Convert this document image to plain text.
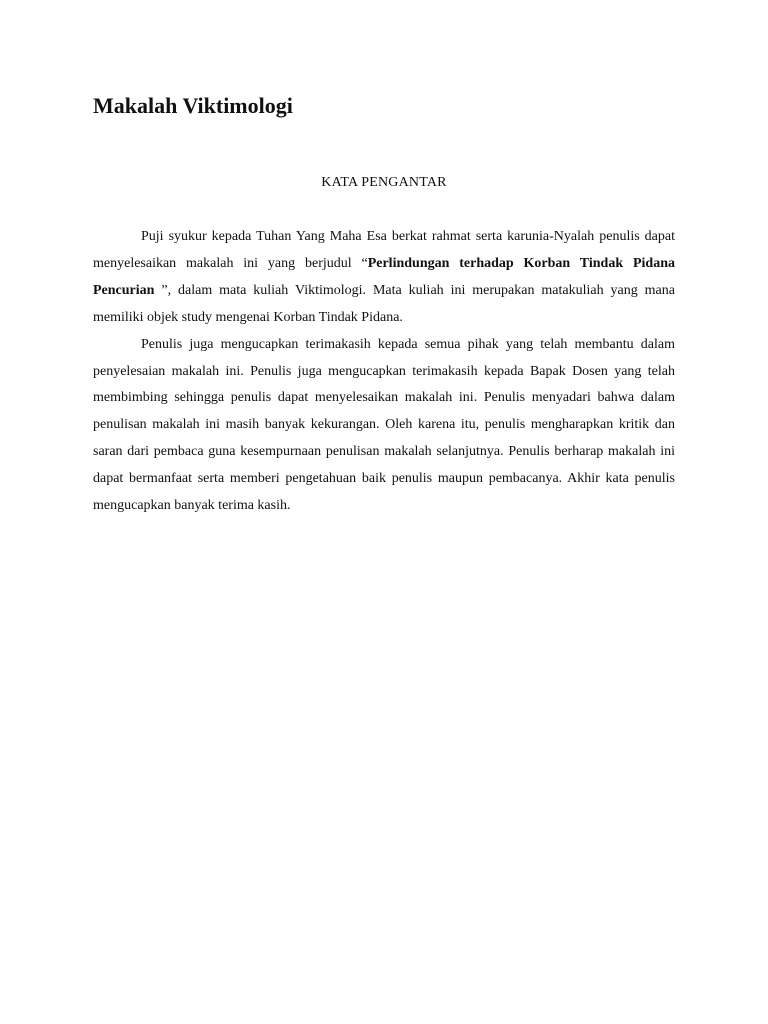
Makalah Viktimologi
KATA PENGANTAR

Puji syukur kepada Tuhan Yang Maha Esa berkat rahmat serta karunia-Nyalah penulis dapat menyelesaikan makalah ini yang berjudul “Perlindungan terhadap Korban Tindak Pidana Pencurian ”, dalam mata kuliah Viktimologi. Mata kuliah ini merupakan matakuliah yang mana memiliki objek study mengenai Korban Tindak Pidana.

Penulis juga mengucapkan terimakasih kepada semua pihak yang telah membantu dalam penyelesaian makalah ini. Penulis juga mengucapkan terimakasih kepada Bapak Dosen yang telah membimbing sehingga penulis dapat menyelesaikan makalah ini. Penulis menyadari bahwa dalam penulisan makalah ini masih banyak kekurangan. Oleh karena itu, penulis mengharapkan kritik dan saran dari pembaca guna kesempurnaan penulisan makalah selanjutnya. Penulis berharap makalah ini dapat bermanfaat serta memberi pengetahuan baik penulis maupun pembacanya. Akhir kata penulis mengucapkan banyak terima kasih.
